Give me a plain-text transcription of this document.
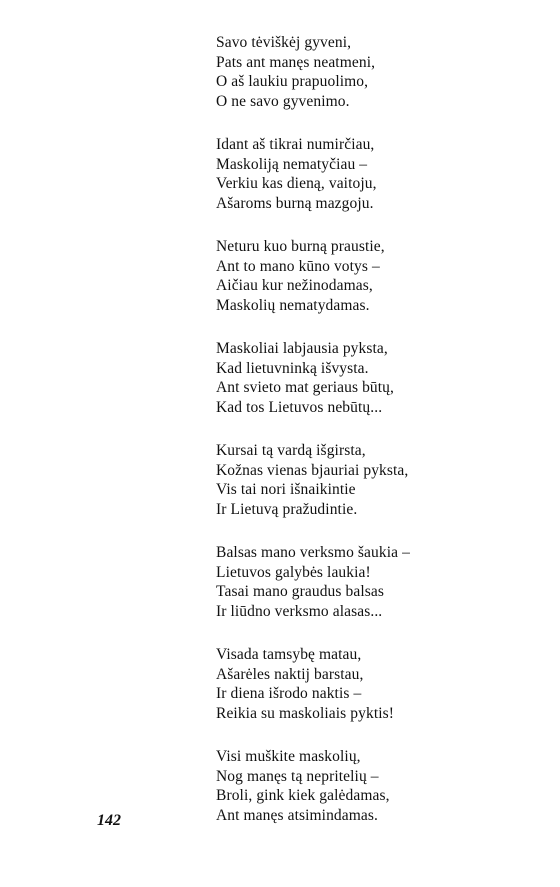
Savo tėviškėj gyveni,
Pats ant manęs neatmeni,
O aš laukiu prapuolimo,
O ne savo gyvenimo.
Idant aš tikrai numirčiau,
Maskoliją nematyčiau –
Verkiu kas dieną, vaitoju,
Ašaroms burną mazgoju.
Neturu kuo burną praustie,
Ant to mano kūno votys –
Aičiau kur nežinodamas,
Maskolių nematydamas.
Maskoliai labjausia pyksta,
Kad lietuvninką išvysta.
Ant svieto mat geriaus būtų,
Kad tos Lietuvos nebūtų...
Kursai tą vardą išgirsta,
Kožnas vienas bjauriai pyksta,
Vis tai nori išnaikintie
Ir Lietuvą pražudintie.
Balsas mano verksmo šaukia –
Lietuvos galybės laukia!
Tasai mano graudus balsas
Ir liūdno verksmo alasas...
Visada tamsybę matau,
Ašarėles naktij barstau,
Ir diena išrodo naktis –
Reikia su maskoliais pyktis!
Visi muškite maskolių,
Nog manęs tą nepritelių –
Broli, gink kiek galėdamas,
Ant manęs atsimindamas.
142
